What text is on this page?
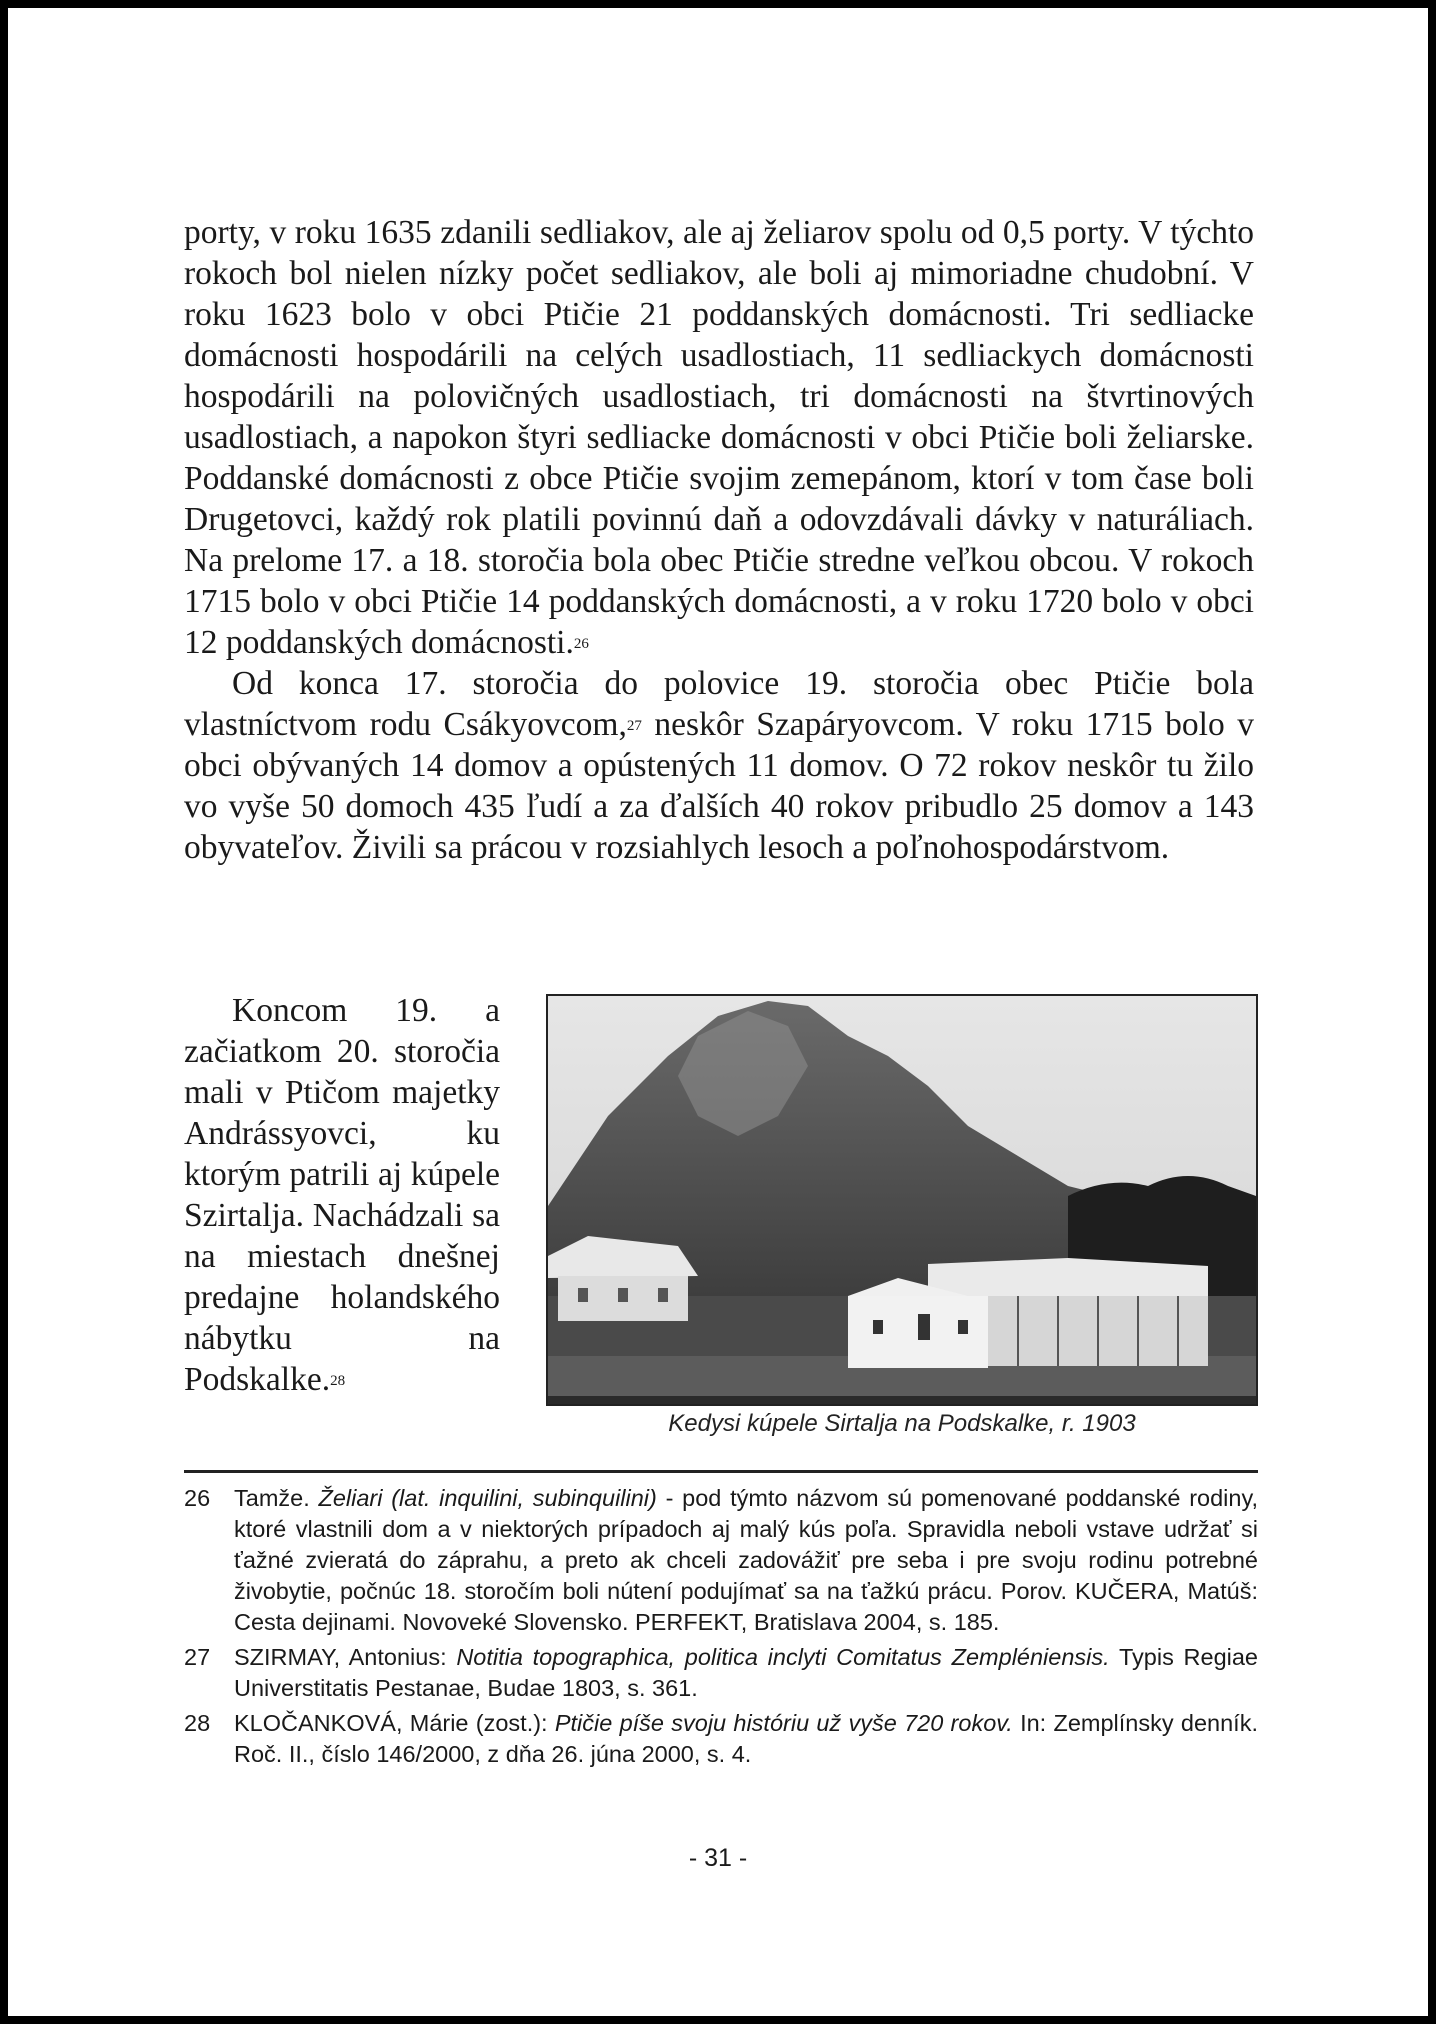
porty, v roku 1635 zdanili sedliakov, ale aj želiarov spolu od 0,5 porty. V týchto rokoch bol nielen nízky počet sedliakov, ale boli aj mimoriadne chudobní. V roku 1623 bolo v obci Ptičie 21 poddanských domácnosti. Tri sedliacke domácnosti hospodárili na celých usadlostiach, 11 sedliackych domácnosti hospodárili na polovičných usadlostiach, tri domácnosti na štvrtinových usadlostiach, a napokon štyri sedliacke domácnosti v obci Ptičie boli želiarske. Poddanské domácnosti z obce Ptičie svojim zemepánom, ktorí v tom čase boli Drugetovci, každý rok platili povinnú daň a odovzdávali dávky v naturáliach. Na prelome 17. a 18. storočia bola obec Ptičie stredne veľkou obcou. V rokoch 1715 bolo v obci Ptičie 14 poddanských domácnosti, a v roku 1720 bolo v obci 12 poddanských domácnosti.$^{26}$

Od konca 17. storočia do polovice 19. storočia obec Ptičie bola vlastníctvom rodu Csákyovcom,$^{27}$ neskôr Szapáryovcom. V roku 1715 bolo v obci obývaných 14 domov a opústených 11 domov. O 72 rokov neskôr tu žilo vo vyše 50 domoch 435 ľudí a za ďalších 40 rokov pribudlo 25 domov a 143 obyvateľov. Živili sa prácou v rozsiahlych lesoch a poľnohospodárstvom.

Koncom 19. a začiatkom 20. storočia mali v Ptičom majetky Andrássyovci, ku ktorým patrili aj kúpele Szirtalja. Nachádzali sa na miestach dnešnej predajne holandského nábytku na Podskalke.$^{28}$
Kedysi kúpele Sirtalja na Podskalke, r. 1903
26	Tamže. Želiari (lat. inquilini, subinquilini) - pod týmto názvom sú pomenované poddanské rodiny, ktoré vlastnili dom a v niektorých prípadoch aj malý kús poľa. Spravidla neboli vstave udržať si ťažné zvieratá do záprahu, a preto ak chceli zadovážiť pre seba i pre svoju rodinu potrebné živobytie, počnúc 18. storočím boli nútení podujímať sa na ťažkú prácu. Porov. KUČERA, Matúš: Cesta dejinami. Novoveké Slovensko. PERFEKT, Bratislava 2004, s. 185.
27	SZIRMAY, Antonius: Notitia topographica, politica inclyti Comitatus Zempléniensis. Typis Regiae Universtitatis Pestanae, Budae 1803, s. 361.
28	KLOČANKOVÁ, Márie (zost.): Ptičie píše svoju históriu už vyše 720 rokov. In: Zemplínsky denník. Roč. II., číslo 146/2000, z dňa 26. júna 2000, s. 4.
- 31 -
